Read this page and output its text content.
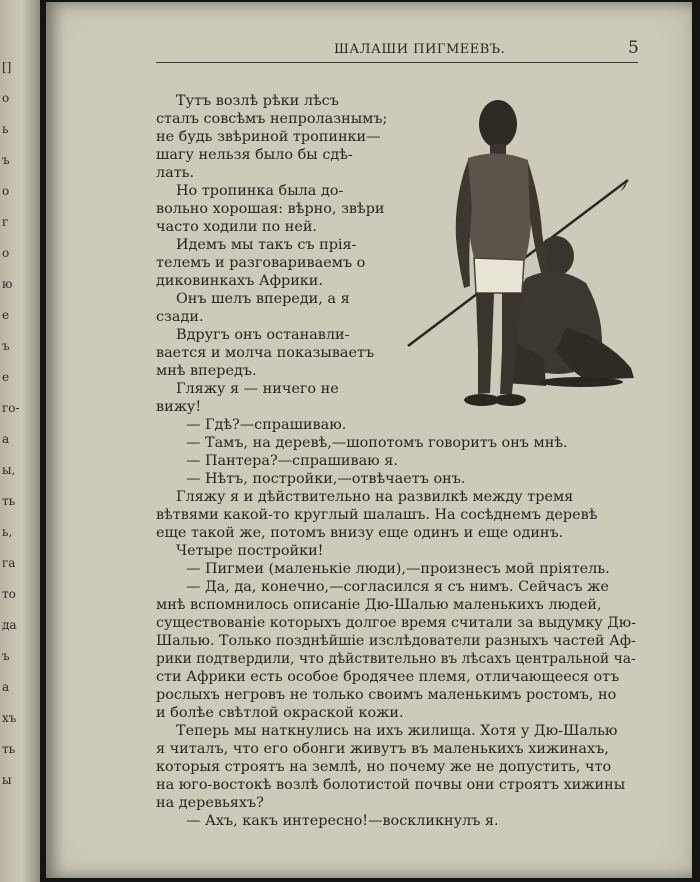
[]
o
ь
ъ
о
г
о
ю
е
ъ
е
го-
а
ы,
ть
ь,
га
то
да
ъ
a
хъ
ть
ы
ШАЛАШИ ПИГМЕЕВЪ.	5
Тутъ возлѣ рѣки лѣсъ
сталъ совсѣмъ непролазнымъ;
не будь звѣриной тропинки—
шагу нельзя было бы сдѣ-
лать.
Но тропинка была до-
вольно хорошая: вѣрно, звѣри
часто ходили по ней.
Идемъ мы такъ съ прія-
телемъ и разговариваемъ о
диковинкахъ Африки.
Онъ шелъ впереди, а я
сзади.
Вдругъ онъ останавли-
вается и молча показываетъ
мнѣ впередъ.
Гляжу я — ничего не
вижу!
— Гдѣ?—спрашиваю.
— Тамъ, на деревѣ,—шопотомъ говоритъ онъ мнѣ.
— Пантера?—спрашиваю я.
— Нѣтъ, постройки,—отвѣчаетъ онъ.
Гляжу я и дѣйствительно на развилкѣ между тремя
вѣтвями какой-то круглый шалашъ. На сосѣднемъ деревѣ
еще такой же, потомъ внизу еще одинъ и еще одинъ.
Четыре постройки!
— Пигмеи (маленькіе люди),—произнесъ мой пріятель.
— Да, да, конечно,—согласился я съ нимъ. Сейчасъ же
мнѣ вспомнилось описаніе Дю-Шалью маленькихъ людей,
существованіе которыхъ долгое время считали за выдумку Дю-
Шалью. Только позднѣйшіе изслѣдователи разныхъ частей Аф-
рики подтвердили, что дѣйствительно въ лѣсахъ центральной ча-
сти Африки есть особое бродячее племя, отличающееся отъ
рослыхъ негровъ не только своимъ маленькимъ ростомъ, но
и болѣе свѣтлой окраской кожи.
Теперь мы наткнулись на ихъ жилища. Хотя у Дю-Шалью
я читалъ, что его обонги живутъ въ маленькихъ хижинахъ,
которыя строятъ на землѣ, но почему же не допустить, что
на юго-востокѣ возлѣ болотистой почвы они строятъ хижины
на деревьяхъ?
— Ахъ, какъ интересно!—воскликнулъ я.
